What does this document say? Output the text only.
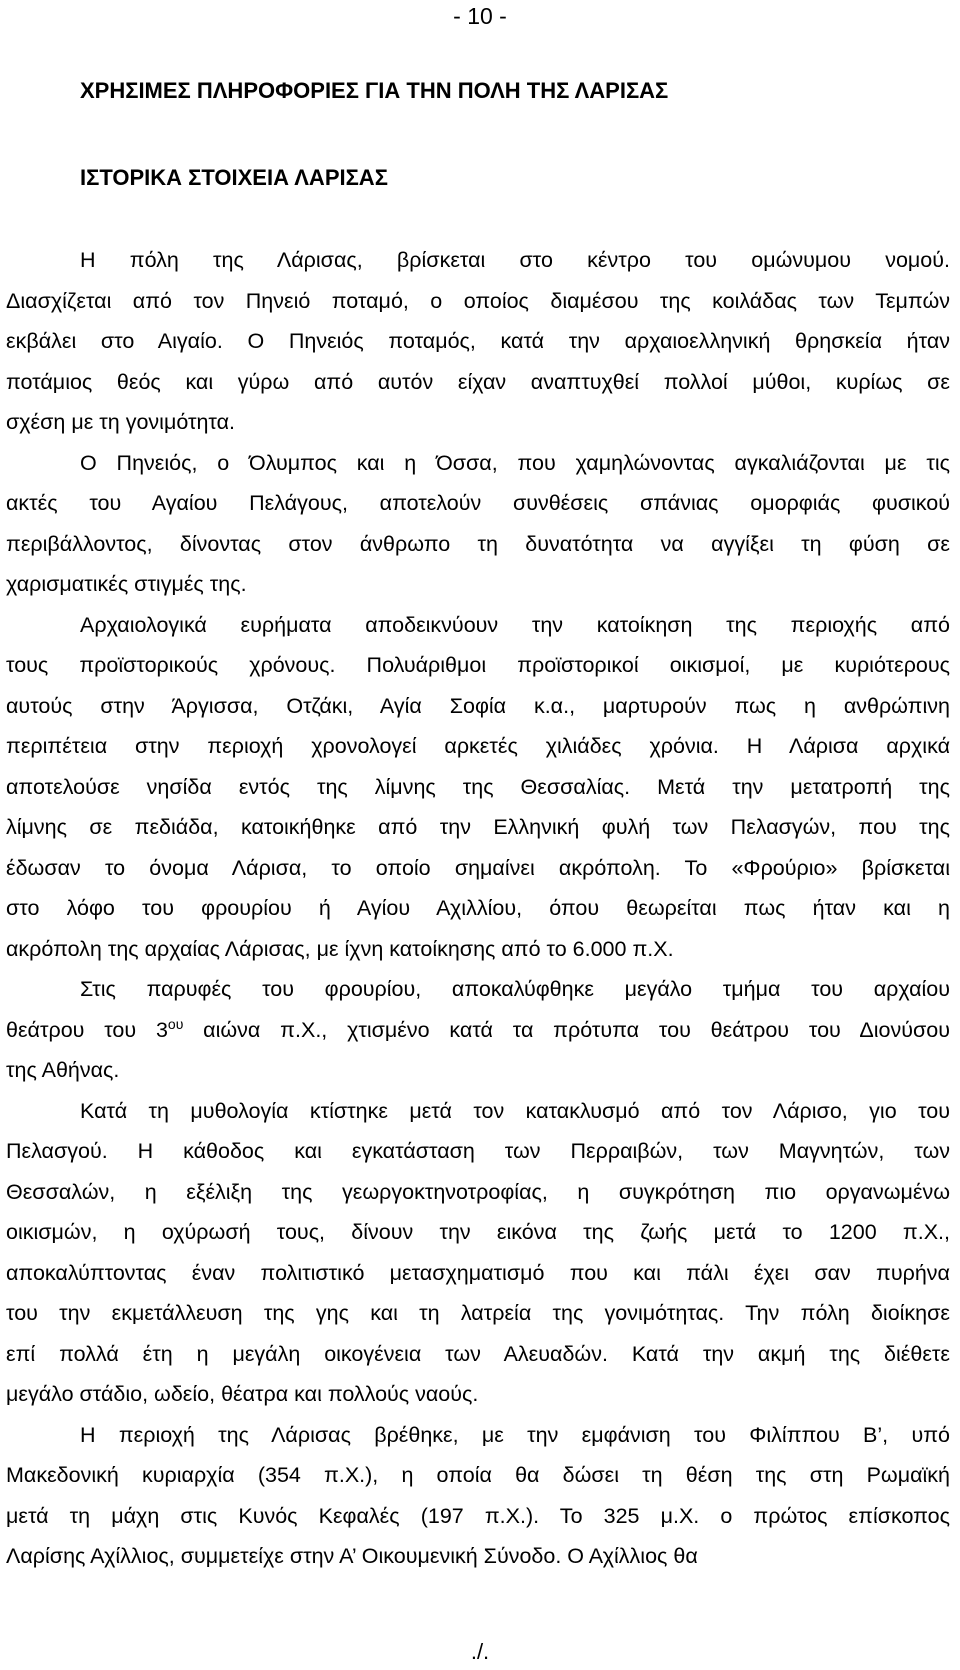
- 10 -
ΧΡΗΣΙΜΕΣ ΠΛΗΡΟΦΟΡΙΕΣ ΓΙΑ ΤΗΝ ΠΟΛΗ ΤΗΣ ΛΑΡΙΣΑΣ
ΙΣΤΟΡΙΚΑ ΣΤΟΙΧΕΙΑ ΛΑΡΙΣΑΣ

Η πόλη της Λάρισας, βρίσκεται στο κέντρο του ομώνυμου νομού.
Διασχίζεται από τον Πηνειό ποταμό, ο οποίος διαμέσου της κοιλάδας των Τεμπών
εκβάλει στο Αιγαίο. Ο Πηνειός ποταμός, κατά την αρχαιοελληνική θρησκεία ήταν
ποτάμιος θεός και γύρω από αυτόν είχαν αναπτυχθεί πολλοί μύθοι, κυρίως σε
σχέση με τη γονιμότητα.

Ο Πηνειός, ο Όλυμπος και η Όσσα, που χαμηλώνοντας αγκαλιάζονται με τις
ακτές του Αγαίου Πελάγους, αποτελούν συνθέσεις σπάνιας ομορφιάς φυσικού
περιβάλλοντος, δίνοντας στον άνθρωπο τη δυνατότητα να αγγίξει τη φύση σε
χαρισματικές στιγμές της.

Αρχαιολογικά ευρήματα αποδεικνύουν την κατοίκηση της περιοχής από
τους προϊστορικούς χρόνους. Πολυάριθμοι προϊστορικοί οικισμοί, με κυριότερους
αυτούς στην Άργισσα, Οτζάκι, Αγία Σοφία κ.α., μαρτυρούν πως η ανθρώπινη
περιπέτεια στην περιοχή χρονολογεί αρκετές χιλιάδες χρόνια. Η Λάρισα αρχικά
αποτελούσε νησίδα εντός της λίμνης της Θεσσαλίας. Μετά την μετατροπή της
λίμνης σε πεδιάδα, κατοικήθηκε από την Ελληνική φυλή των Πελασγών, που της
έδωσαν το όνομα Λάρισα, το οποίο σημαίνει ακρόπολη. Το «Φρούριο» βρίσκεται
στο λόφο του φρουρίου ή Αγίου Αχιλλίου, όπου θεωρείται πως ήταν και η
ακρόπολη της αρχαίας Λάρισας, με ίχνη κατοίκησης από το 6.000 π.Χ.

Στις παρυφές του φρουρίου, αποκαλύφθηκε μεγάλο τμήμα του αρχαίου
θεάτρου του $3^{o\upsilon}$ αιώνα π.Χ., χτισμένο κατά τα πρότυπα του θεάτρου του Διονύσου
της Αθήνας.

Κατά τη μυθολογία κτίστηκε μετά τον κατακλυσμό από τον Λάρισο, γιο του
Πελασγού. Η κάθοδος και εγκατάσταση των Περραιβών, των Μαγνητών, των
Θεσσαλών, η εξέλιξη της γεωργοκτηνοτροφίας, η συγκρότηση πιο οργανωμένω
οικισμών, η οχύρωσή τους, δίνουν την εικόνα της ζωής μετά το 1200 π.Χ.,
αποκαλύπτοντας έναν πολιτιστικό μετασχηματισμό που και πάλι έχει σαν πυρήνα
του την εκμετάλλευση της γης και τη λατρεία της γονιμότητας. Την πόλη διοίκησε
επί πολλά έτη η μεγάλη οικογένεια των Αλευαδών. Κατά την ακμή της διέθετε
μεγάλο στάδιο, ωδείο, θέατρα και πολλούς ναούς.

Η περιοχή της Λάρισας βρέθηκε, με την εμφάνιση του Φιλίππου Β’, υπό
Μακεδονική κυριαρχία (354 π.Χ.), η οποία θα δώσει τη θέση της στη Ρωμαϊκή
μετά τη μάχη στις Κυνός Κεφαλές (197 π.Χ.). Το 325 μ.Χ. ο πρώτος επίσκοπος
Λαρίσης Αχίλλιος, συμμετείχε στην Α’ Οικουμενική Σύνοδο. Ο Αχίλλιος θα

./.
